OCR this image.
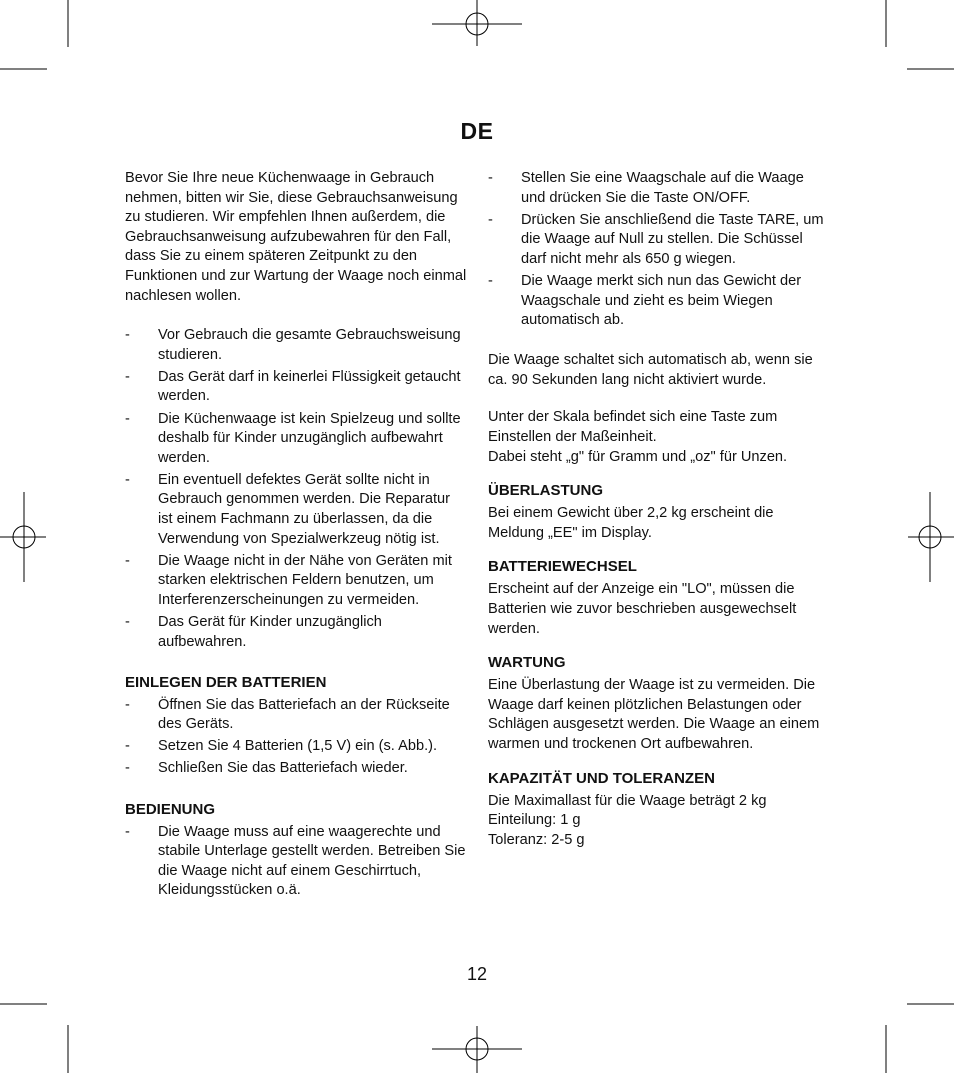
DE

Bevor Sie Ihre neue Küchenwaage in Gebrauch nehmen, bitten wir Sie, diese Gebrauchsanweisung zu studieren. Wir empfehlen Ihnen außerdem, die Gebrauchsanweisung aufzubewahren für den Fall, dass Sie zu einem späteren Zeitpunkt zu den Funktionen und zur Wartung der Waage noch einmal nachlesen wollen.

- Vor Gebrauch die gesamte Gebrauchsweisung studieren.
- Das Gerät darf in keinerlei Flüssigkeit getaucht werden.
- Die Küchenwaage ist kein Spielzeug und sollte deshalb für Kinder unzugänglich aufbewahrt werden.
- Ein eventuell defektes Gerät sollte nicht in Gebrauch genommen werden. Die Reparatur ist einem Fachmann zu überlassen, da die Verwendung von Spezialwerkzeug nötig ist.
- Die Waage nicht in der Nähe von Geräten mit starken elektrischen Feldern benutzen, um Interferenzerscheinungen zu vermeiden.
- Das Gerät für Kinder unzugänglich aufbewahren.
EINLEGEN DER BATTERIEN
- Öffnen Sie das Batteriefach an der Rückseite des Geräts.
- Setzen Sie 4 Batterien (1,5 V) ein (s. Abb.).
- Schließen Sie das Batteriefach wieder.
BEDIENUNG
- Die Waage muss auf eine waagerechte und stabile Unterlage gestellt werden. Betreiben Sie die Waage nicht auf einem Geschirrtuch, Kleidungsstücken o.ä.
- Stellen Sie eine Waagschale auf die Waage und drücken Sie die Taste ON/OFF.
- Drücken Sie anschließend die Taste TARE, um die Waage auf Null zu stellen. Die Schüssel darf nicht mehr als 650 g wiegen.
- Die Waage merkt sich nun das Gewicht der Waagschale und zieht es beim Wiegen automatisch ab.

Die Waage schaltet sich automatisch ab, wenn sie ca. 90 Sekunden lang nicht aktiviert wurde.

Unter der Skala befindet sich eine Taste zum Einstellen der Maßeinheit.

Dabei steht „g" für Gramm und „oz" für Unzen.

ÜBERLASTUNG

Bei einem Gewicht über 2,2 kg erscheint die Meldung „EE" im Display.

BATTERIEWECHSEL

Erscheint auf der Anzeige ein "LO", müssen die Batterien wie zuvor beschrieben ausgewechselt werden.

WARTUNG

Eine Überlastung der Waage ist zu vermeiden. Die Waage darf keinen plötzlichen Belastungen oder Schlägen ausgesetzt werden. Die Waage an einem warmen und trockenen Ort aufbewahren.

KAPAZITÄT UND TOLERANZEN

Die Maximallast für die Waage beträgt 2 kg

Einteilung: 1 g

Toleranz: 2-5 g

12
